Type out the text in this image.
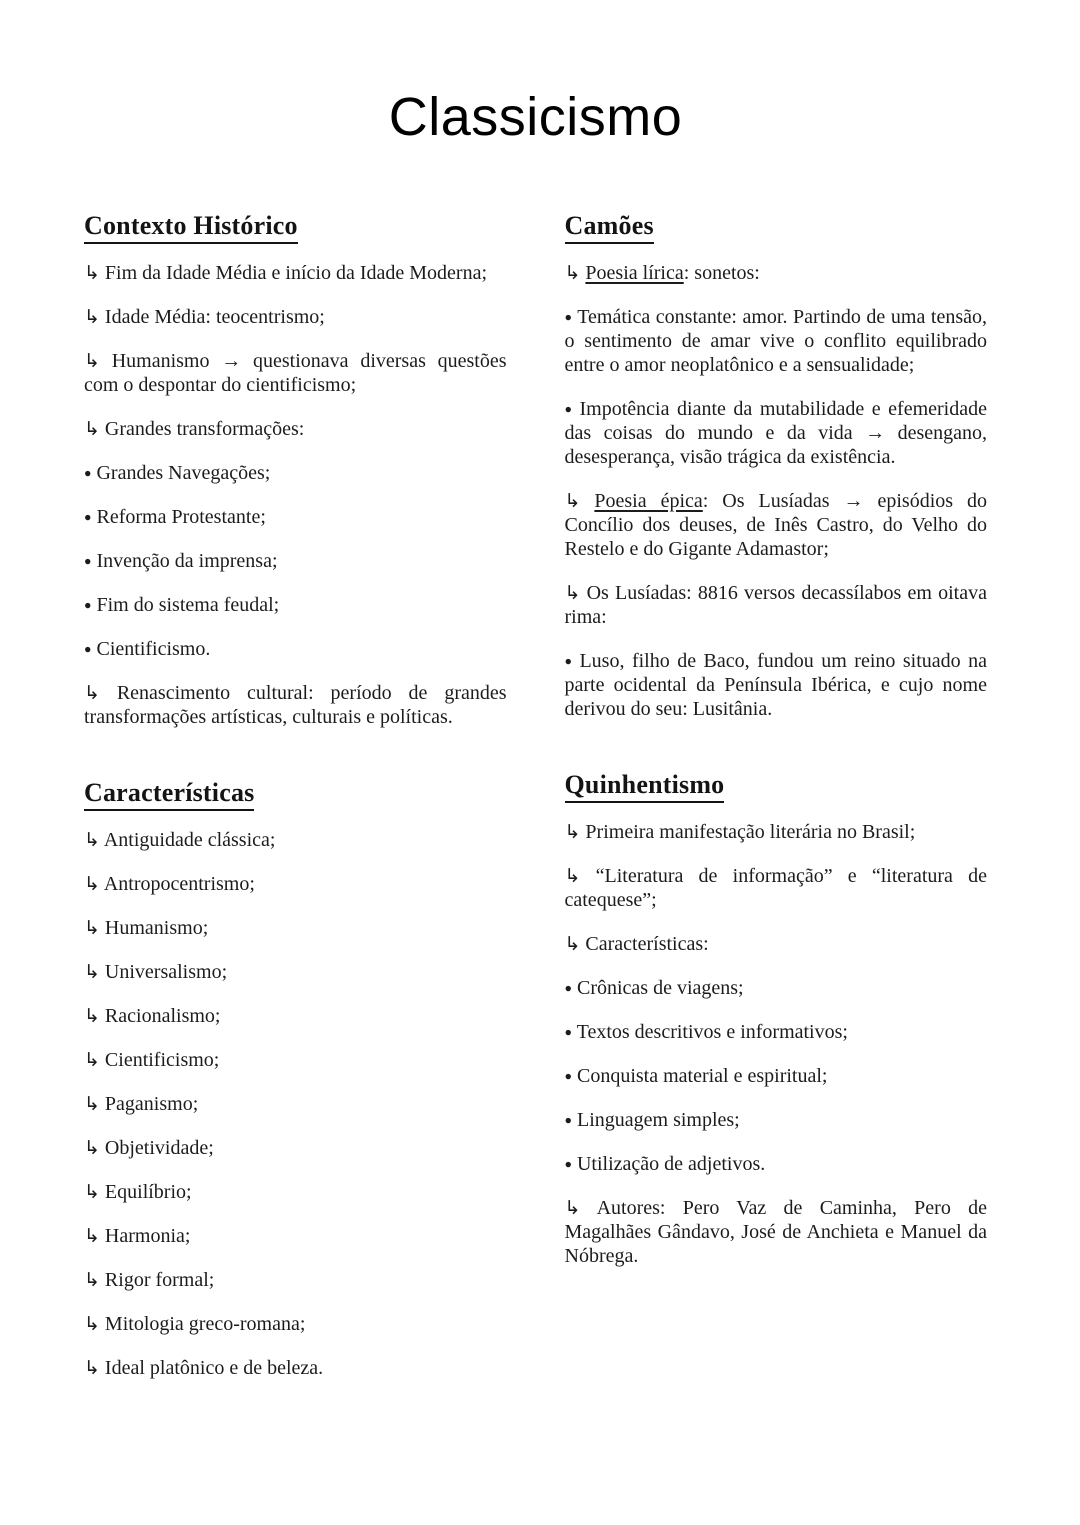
Classicismo
Contexto Histórico

↳ Fim da Idade Média e início da Idade Moderna;

↳ Idade Média: teocentrismo;

↳ Humanismo → questionava diversas questões com o despontar do cientificismo;

↳ Grandes transformações:

● Grandes Navegações;

● Reforma Protestante;

● Invenção da imprensa;

● Fim do sistema feudal;

● Cientificismo.

↳ Renascimento cultural: período de grandes transformações artísticas, culturais e políticas.

Características

↳ Antiguidade clássica;

↳ Antropocentrismo;

↳ Humanismo;

↳ Universalismo;

↳ Racionalismo;

↳ Cientificismo;

↳ Paganismo;

↳ Objetividade;

↳ Equilíbrio;

↳ Harmonia;

↳ Rigor formal;

↳ Mitologia greco-romana;

↳ Ideal platônico e de beleza.

Camões

↳ Poesia lírica: sonetos:

● Temática constante: amor. Partindo de uma tensão, o sentimento de amar vive o conflito equilibrado entre o amor neoplatônico e a sensualidade;

● Impotência diante da mutabilidade e efemeridade das coisas do mundo e da vida → desengano, desesperança, visão trágica da existência.

↳ Poesia épica: Os Lusíadas → episódios do Concílio dos deuses, de Inês Castro, do Velho do Restelo e do Gigante Adamastor;

↳ Os Lusíadas: 8816 versos decassílabos em oitava rima:

● Luso, filho de Baco, fundou um reino situado na parte ocidental da Península Ibérica, e cujo nome derivou do seu: Lusitânia.

Quinhentismo

↳ Primeira manifestação literária no Brasil;

↳ “Literatura de informação” e “literatura de catequese”;

↳ Características:

● Crônicas de viagens;

● Textos descritivos e informativos;

● Conquista material e espiritual;

● Linguagem simples;

● Utilização de adjetivos.

↳ Autores: Pero Vaz de Caminha, Pero de Magalhães Gândavo, José de Anchieta e Manuel da Nóbrega.
